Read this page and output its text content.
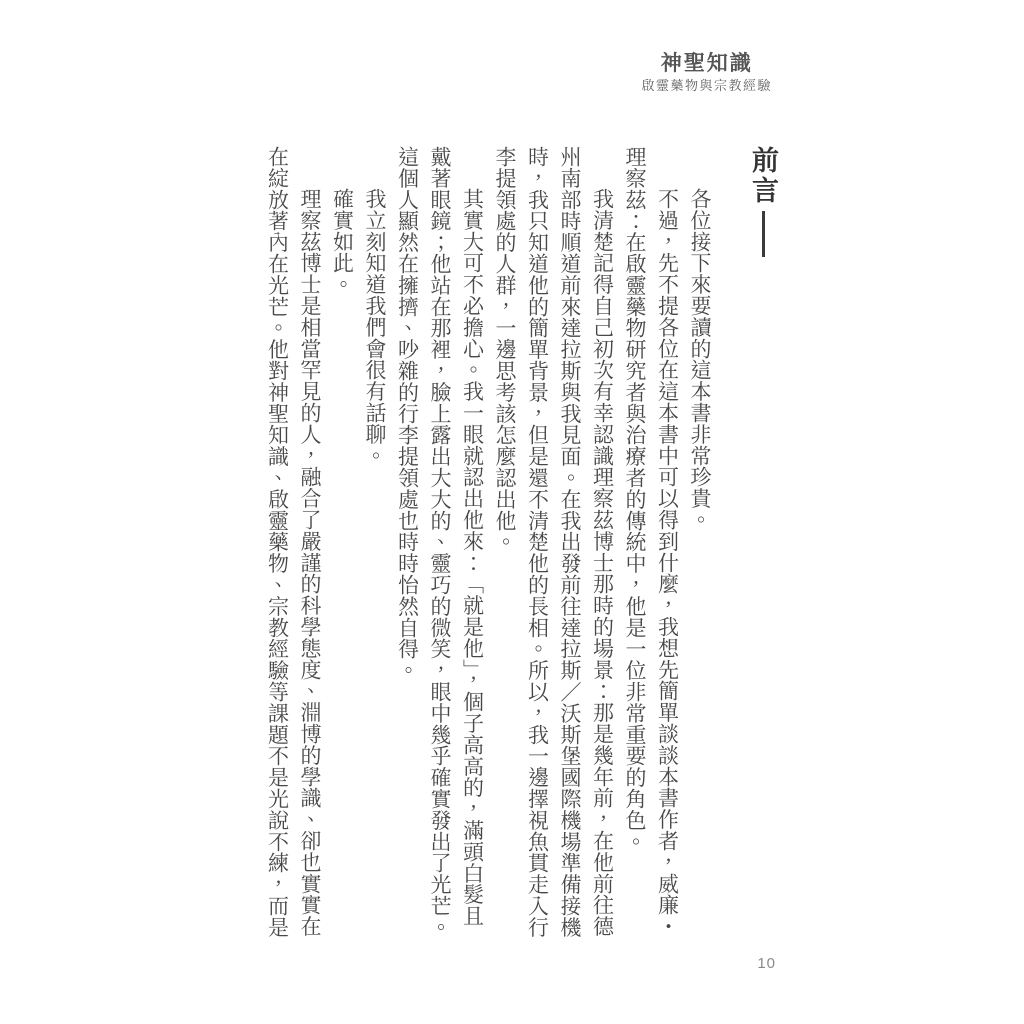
神聖知識
啟靈藥物與宗教經驗
前言

各位接下來要讀的這本書非常珍貴。

不過，先不提各位在這本書中可以得到什麼，我想先簡單談談本書作者，威廉・理察茲：在啟靈藥物研究者與治療者的傳統中，他是一位非常重要的角色。

我清楚記得自己初次有幸認識理察茲博士那時的場景：那是幾年前，在他前往德州南部時順道前來達拉斯與我見面。在我出發前往達拉斯／沃斯堡國際機場準備接機時，我只知道他的簡單背景，但是還不清楚他的長相。所以，我一邊擇視魚貫走入行李提領處的人群，一邊思考該怎麼認出他。

其實大可不必擔心。我一眼就認出他來：「就是他」，個子高高的，滿頭白髮且戴著眼鏡；他站在那裡，臉上露出大大的、靈巧的微笑，眼中幾乎確實發出了光芒。這個人顯然在擁擠、吵雜的行李提領處也時時怡然自得。

我立刻知道我們會很有話聊。

確實如此。

理察茲博士是相當罕見的人，融合了嚴謹的科學態度、淵博的學識、卻也實實在在綻放著內在光芒。他對神聖知識、啟靈藥物、宗教經驗等課題不是光說不練，而是

10
